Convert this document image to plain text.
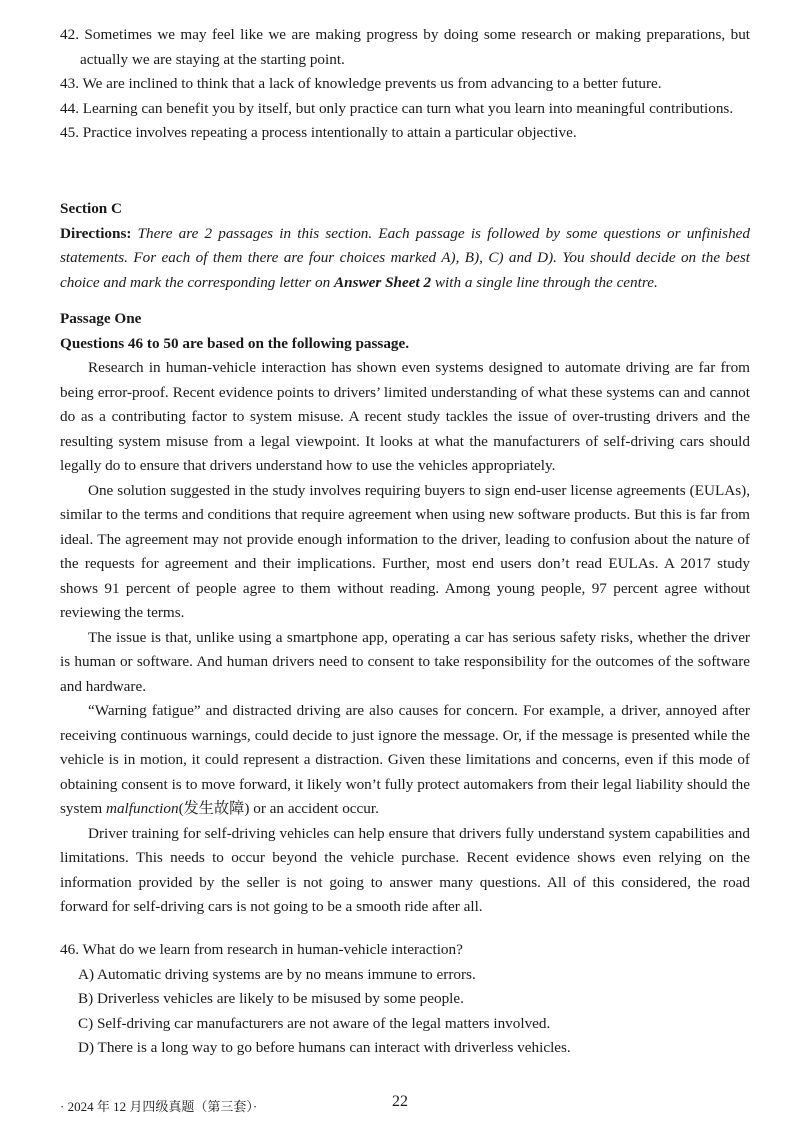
42. Sometimes we may feel like we are making progress by doing some research or making preparations, but actually we are staying at the starting point.

43. We are inclined to think that a lack of knowledge prevents us from advancing to a better future.

44. Learning can benefit you by itself, but only practice can turn what you learn into meaningful contributions.

45. Practice involves repeating a process intentionally to attain a particular objective.

Section C

Directions: There are 2 passages in this section. Each passage is followed by some questions or unfinished statements. For each of them there are four choices marked A), B), C) and D). You should decide on the best choice and mark the corresponding letter on Answer Sheet 2 with a single line through the centre.

Passage One

Questions 46 to 50 are based on the following passage.

Research in human-vehicle interaction has shown even systems designed to automate driving are far from being error-proof. Recent evidence points to drivers’ limited understanding of what these systems can and cannot do as a contributing factor to system misuse. A recent study tackles the issue of over-trusting drivers and the resulting system misuse from a legal viewpoint. It looks at what the manufacturers of self-driving cars should legally do to ensure that drivers understand how to use the vehicles appropriately.

One solution suggested in the study involves requiring buyers to sign end-user license agreements (EULAs), similar to the terms and conditions that require agreement when using new software products. But this is far from ideal. The agreement may not provide enough information to the driver, leading to confusion about the nature of the requests for agreement and their implications. Further, most end users don’t read EULAs. A 2017 study shows 91 percent of people agree to them without reading. Among young people, 97 percent agree without reviewing the terms.

The issue is that, unlike using a smartphone app, operating a car has serious safety risks, whether the driver is human or software. And human drivers need to consent to take responsibility for the outcomes of the software and hardware.

“Warning fatigue” and distracted driving are also causes for concern. For example, a driver, annoyed after receiving continuous warnings, could decide to just ignore the message. Or, if the message is presented while the vehicle is in motion, it could represent a distraction. Given these limitations and concerns, even if this mode of obtaining consent is to move forward, it likely won’t fully protect automakers from their legal liability should the system malfunction(发生故障) or an accident occur.

Driver training for self-driving vehicles can help ensure that drivers fully understand system capabilities and limitations. This needs to occur beyond the vehicle purchase. Recent evidence shows even relying on the information provided by the seller is not going to answer many questions. All of this considered, the road forward for self-driving cars is not going to be a smooth ride after all.

46. What do we learn from research in human-vehicle interaction?

A) Automatic driving systems are by no means immune to errors.

B) Driverless vehicles are likely to be misused by some people.

C) Self-driving car manufacturers are not aware of the legal matters involved.

D) There is a long way to go before humans can interact with driverless vehicles.

· 2024 年 12 月四级真题（第三套）·	22
